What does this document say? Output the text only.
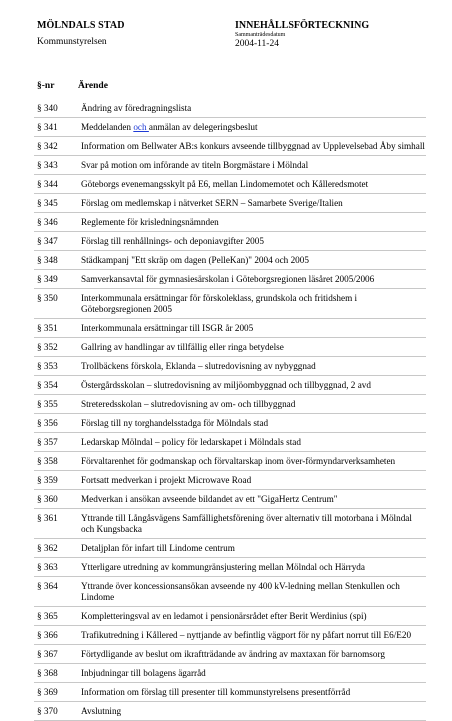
MÖLNDALS STAD
Kommunstyrelsen
INNEHÅLLSFÖRTECKNING
Sammanträdesdatum
2004-11-24
§-nr Ärende
§ 340	Ändring av föredragningslista
§ 341	Meddelanden och anmälan av delegeringsbeslut
§ 342	Information om Bellwater AB:s konkurs avseende tillbyggnad av Upplevelsebad Åby simhall
§ 343	Svar på motion om införande av titeln Borgmästare i Mölndal
§ 344	Göteborgs evenemangsskylt på E6, mellan Lindomemotet och Kålleredsmotet
§ 345	Förslag om medlemskap i nätverket SERN – Samarbete Sverige/Italien
§ 346	Reglemente för krisledningsnämnden
§ 347	Förslag till renhållnings- och deponiavgifter 2005
§ 348	Städkampanj "Ett skräp om dagen (PelleKan)" 2004 och 2005
§ 349	Samverkansavtal för gymnasiesärskolan i Göteborgsregionen läsåret 2005/2006
§ 350	Interkommunala ersättningar för förskoleklass, grundskola och fritidshem i Göteborgsregionen 2005
§ 351	Interkommunala ersättningar till ISGR år 2005
§ 352	Gallring av handlingar av tillfällig eller ringa betydelse
§ 353	Trollbäckens förskola, Eklanda – slutredovisning av nybyggnad
§ 354	Östergårdsskolan – slutredovisning av miljöombyggnad och tillbyggnad, 2 avd
§ 355	Streteredsskolan – slutredovisning av om- och tillbyggnad
§ 356	Förslag till ny torghandelsstadga för Mölndals stad
§ 357	Ledarskap Mölndal – policy för ledarskapet i Mölndals stad
§ 358	Förvaltarenhet för godmanskap och förvaltarskap inom över-förmyndarverksamheten
§ 359	Fortsatt medverkan i projekt Microwave Road
§ 360	Medverkan i ansökan avseende bildandet av ett "GigaHertz Centrum"
§ 361	Yttrande till Långåsvägens Samfällighetsförening över alternativ till motorbana i Mölndal och Kungsbacka
§ 362	Detaljplan för infart till Lindome centrum
§ 363	Ytterligare utredning av kommungränsjustering mellan Mölndal och Härryda
§ 364	Yttrande över koncessionsansökan avseende ny 400 kV-ledning mellan Stenkullen och Lindome
§ 365	Kompletteringsval av en ledamot i pensionärsrådet efter Berit Werdinius (spi)
§ 366	Trafikutredning i Kållered – nyttjande av befintlig vägport för ny påfart norrut till E6/E20
§ 367	Förtydligande av beslut om ikraftträdande av ändring av maxtaxan för barnomsorg
§ 368	Inbjudningar till bolagens ägarråd
§ 369	Information om förslag till presenter till kommunstyrelsens presentförråd
§ 370	Avslutning
